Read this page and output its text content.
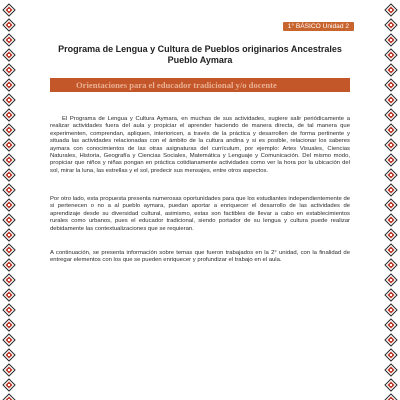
1° BÁSICO Unidad 2
Programa de Lengua y Cultura de Pueblos originarios Ancestrales
Pueblo Aymara
Orientaciones para el educador tradicional y/o docente

El Programa de Lengua y Cultura Aymara, en muchas de sus actividades, sugiere salir periódicamente a realizar actividades fuera del aula y propiciar el aprender haciendo de manera directa, de tal manera que experimenten, comprendan, apliquen, interioricen, a través de la práctica y desarrollen de forma pertinente y situada las actividades relacionadas con el ámbito de la cultura andina y si es posible, relacionar los saberes aymara con conocimientos de las otras asignaturas del currículum, por ejemplo: Artes Visuales, Ciencias Naturales, Historia, Geografía y Ciencias Sociales, Matemática y Lenguaje y Comunicación. Del mismo modo, propiciar que niños y niñas pongan en práctica cotidianamente actividades como ver la hora por la ubicación del sol, mirar la luna, las estrellas y el sol, predecir sus mensajes, entre otros aspectos.

Por otro lado, esta propuesta presenta numerosas oportunidades para que los estudiantes independientemente de si pertenecen o no a al pueblo aymara, puedan aportar a enriquecer el desarrollo de las actividades de aprendizaje desde su diversidad cultural, asimismo, estas son factibles de llevar a cabo en establecimientos rurales como urbanos, pues el educador tradicional, siendo portador de su lengua y cultura puede realizar debidamente las contextualizaciones que se requieran.

A continuación, se presenta información sobre temas que fueron trabajados en la 2° unidad, con la finalidad de entregar elementos con los que se pueden enriquecer y profundizar el trabajo en el aula.
